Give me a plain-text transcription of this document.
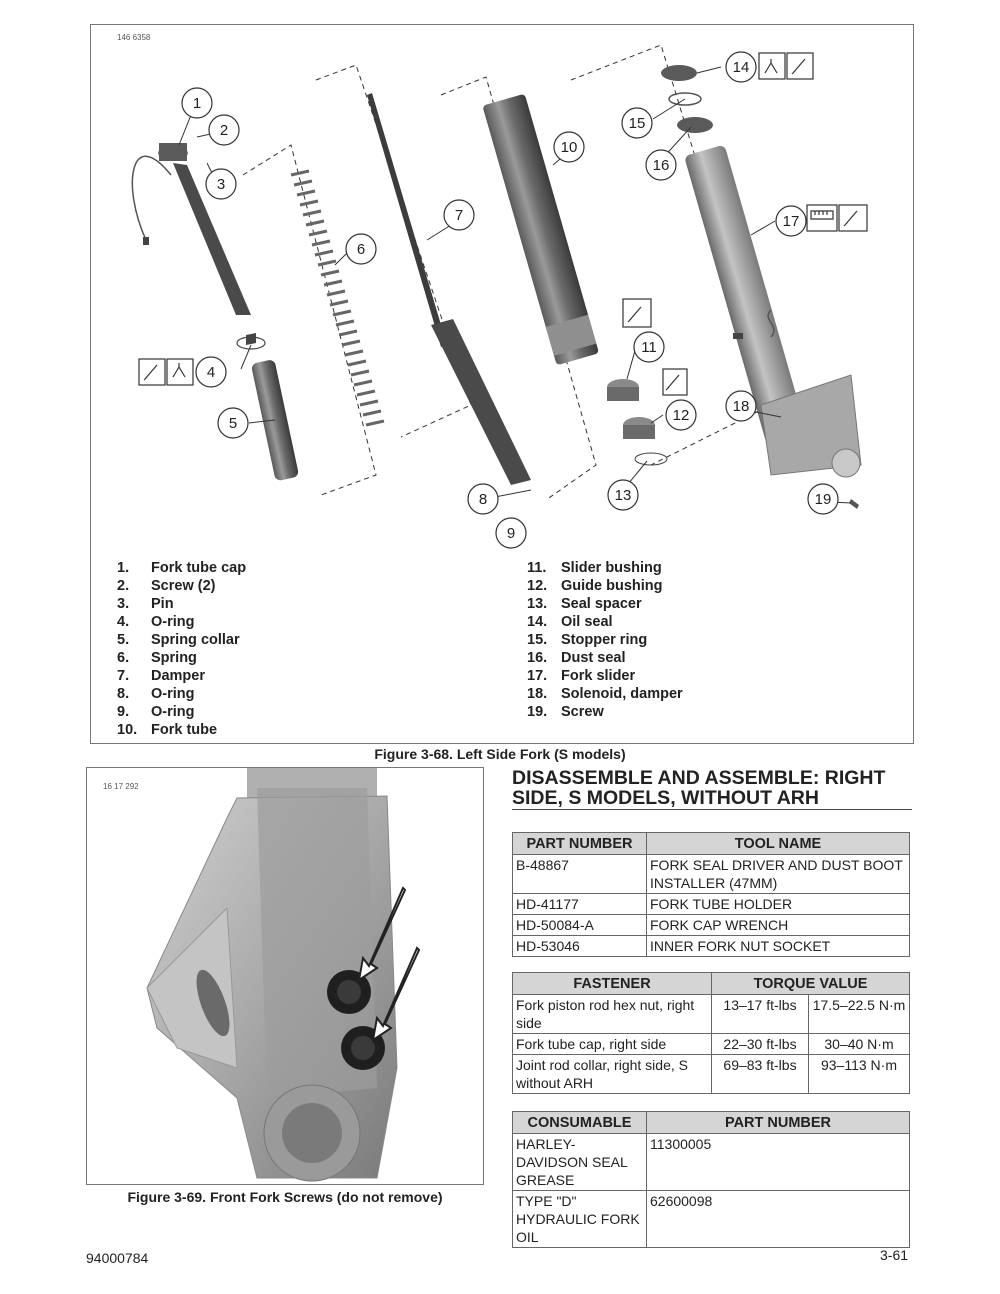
146 6358
1
2
3
4
5
6
7
8
9
10
11
12
13
14
15
16
17
18
19
1.	Fork tube cap
2.	Screw (2)
3.	Pin
4.	O-ring
5.	Spring collar
6.	Spring
7.	Damper
8.	O-ring
9.	O-ring
10. Fork tube
11.	Slider bushing
12. Guide bushing
13. Seal spacer
14. Oil seal
15. Stopper ring
16. Dust seal
17. Fork slider
18. Solenoid, damper
19. Screw
Figure 3-68. Left Side Fork (S models)
16 17 292
Figure 3-69. Front Fork Screws (do not remove)
DISASSEMBLE AND ASSEMBLE: RIGHT SIDE, S MODELS, WITHOUT ARH
PART NUMBER	TOOL NAME
B-48867	FORK SEAL DRIVER AND DUST BOOT INSTALLER (47MM)
HD-41177	FORK TUBE HOLDER
HD-50084-A	FORK CAP WRENCH
HD-53046	INNER FORK NUT SOCKET
FASTENER	TORQUE VALUE	
Fork piston rod hex nut, right side	13–17 ft-lbs	17.5–22.5 N·m
Fork tube cap, right side	22–30 ft-lbs	30–40 N·m
Joint rod collar, right side, S without ARH	69–83 ft-lbs	93–113 N·m
CONSUMABLE	PART NUMBER
HARLEY-DAVIDSON SEAL GREASE	11300005
TYPE "D" HYDRAULIC FORK OIL	62600098
94000784	3-61
